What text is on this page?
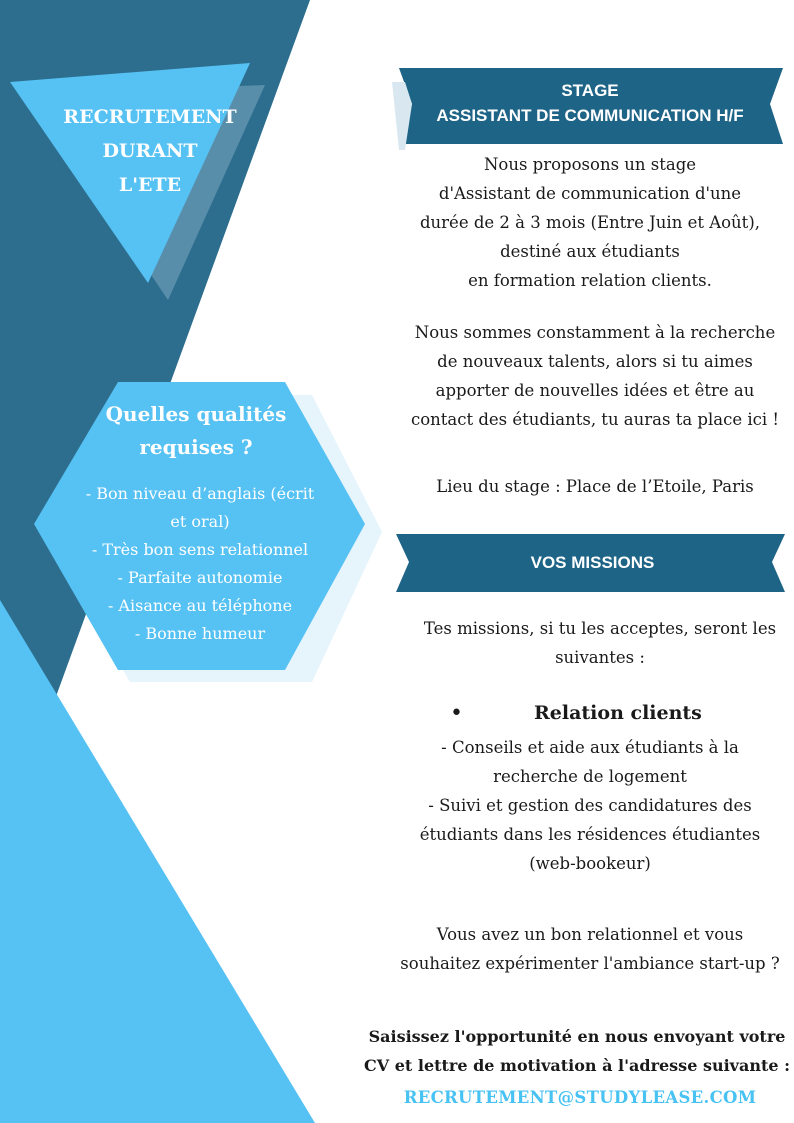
RECRUTEMENT
DURANT
L'ETE
Quelles qualités
requises ?
- Bon niveau d’anglais (écrit
et oral)
- Très bon sens relationnel
- Parfaite autonomie
- Aisance au téléphone
- Bonne humeur
STAGE
ASSISTANT DE COMMUNICATION H/F
Nous proposons un stage
d'Assistant de communication d'une
durée de 2 à 3 mois (Entre Juin et Août),
destiné aux étudiants
en formation relation clients.
Nous sommes constamment à la recherche
de nouveaux talents, alors si tu aimes
apporter de nouvelles idées et être au
contact des étudiants, tu auras ta place ici !
Lieu du stage : Place de l’Etoile, Paris
VOS MISSIONS
Tes missions, si tu les acceptes, seront les
suivantes :
•	Relation clients
- Conseils et aide aux étudiants à la
recherche de logement
- Suivi et gestion des candidatures des
étudiants dans les résidences étudiantes
(web-bookeur)
Vous avez un bon relationnel et vous
souhaitez expérimenter l'ambiance start-up ?
Saisissez l'opportunité en nous envoyant votre
CV et lettre de motivation à l'adresse suivante :
RECRUTEMENT@STUDYLEASE.COM
